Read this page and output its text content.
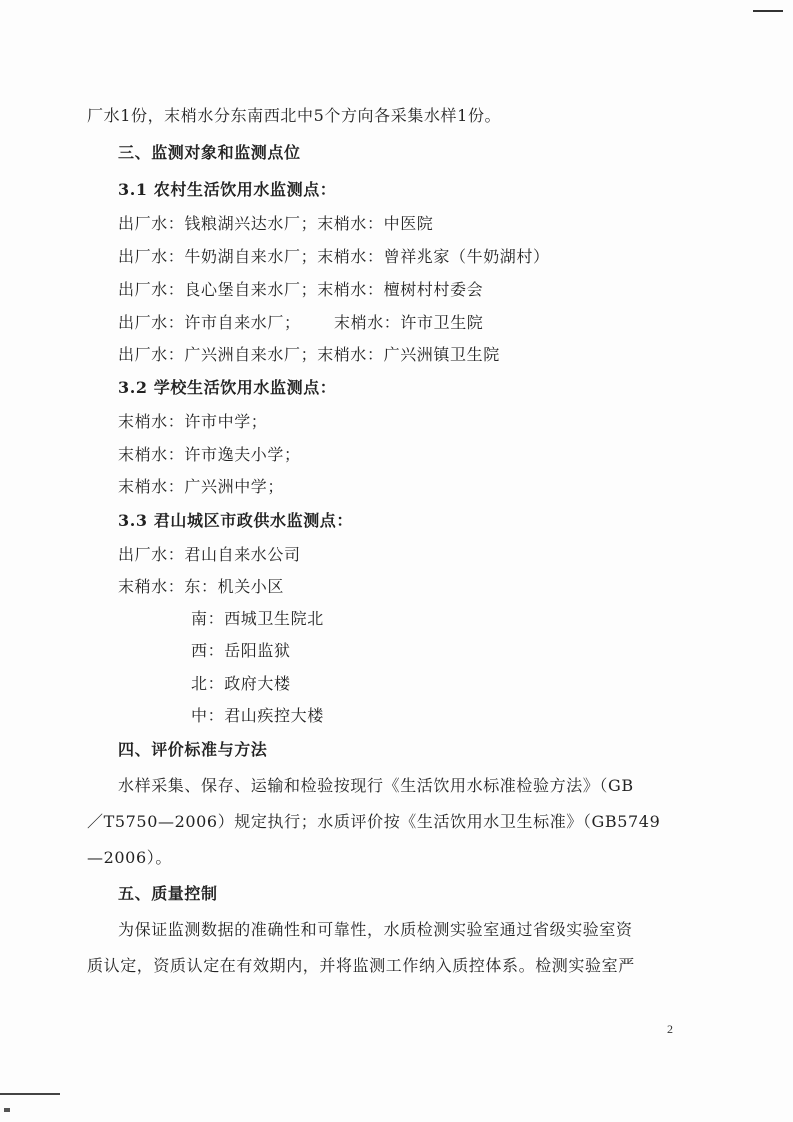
厂水1份，末梢水分东南西北中5个方向各采集水样1份。
三、监测对象和监测点位
3.1 农村生活饮用水监测点：
出厂水：钱粮湖兴达水厂；末梢水：中医院
出厂水：牛奶湖自来水厂；末梢水：曾祥兆家（牛奶湖村）
出厂水：良心堡自来水厂；末梢水：檀树村村委会
出厂水：许市自来水厂； 末梢水：许市卫生院
出厂水：广兴洲自来水厂；末梢水：广兴洲镇卫生院
3.2 学校生活饮用水监测点：
末梢水：许市中学；
末梢水：许市逸夫小学；
末梢水：广兴洲中学；
3.3 君山城区市政供水监测点：
出厂水：君山自来水公司
末稍水：东：机关小区
南：西城卫生院北
西：岳阳监狱
北：政府大楼
中：君山疾控大楼
四、评价标准与方法
水样采集、保存、运输和检验按现行《生活饮用水标准检验方法》（GB
／T5750—2006）规定执行；水质评价按《生活饮用水卫生标准》（GB5749
—2006）。
五、质量控制
为保证监测数据的准确性和可靠性，水质检测实验室通过省级实验室资
质认定，资质认定在有效期内，并将监测工作纳入质控体系。检测实验室严
2
